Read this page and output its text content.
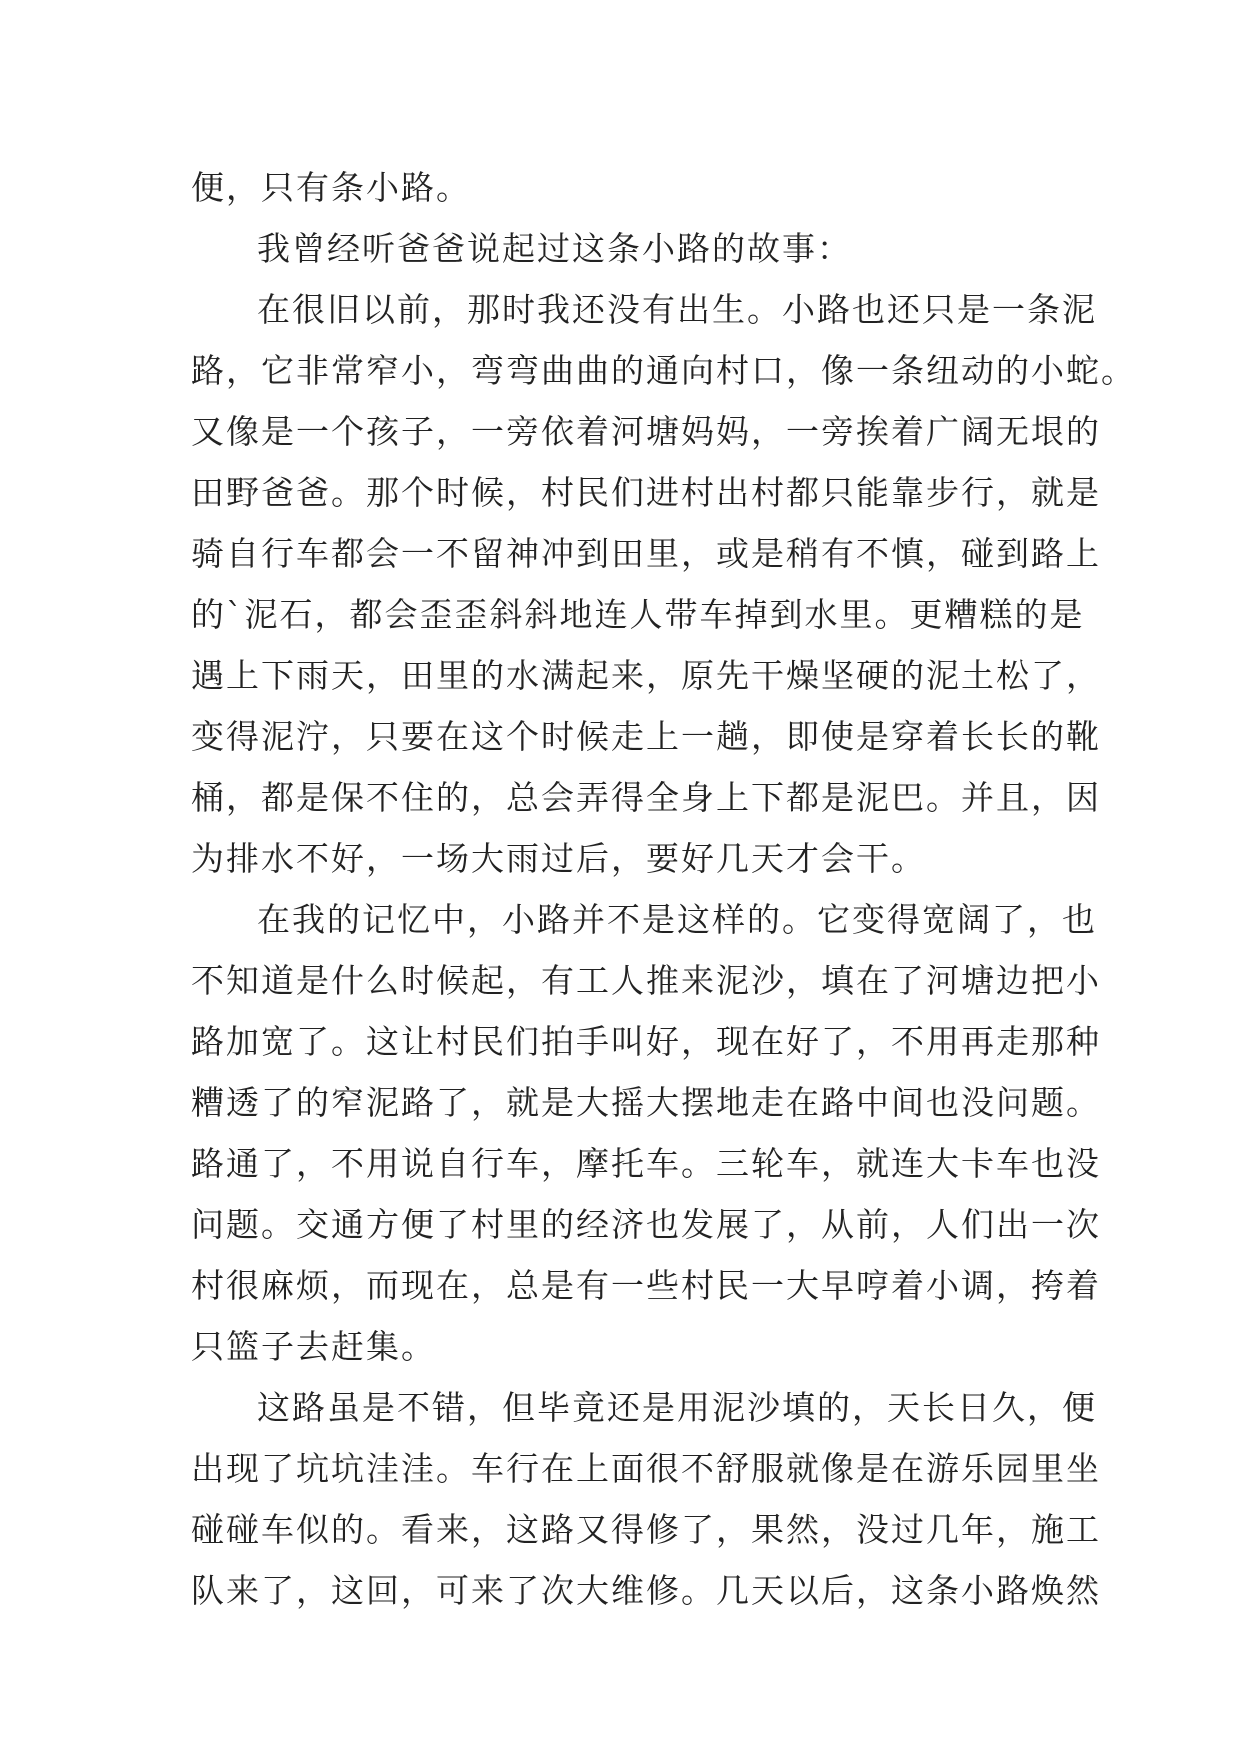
便，只有条小路。
我曾经听爸爸说起过这条小路的故事：
在很旧以前，那时我还没有出生。小路也还只是一条泥
路，它非常窄小，弯弯曲曲的通向村口，像一条纽动的小蛇。
又像是一个孩子，一旁依着河塘妈妈，一旁挨着广阔无垠的
田野爸爸。那个时候，村民们进村出村都只能靠步行，就是
骑自行车都会一不留神冲到田里，或是稍有不慎，碰到路上
的`泥石，都会歪歪斜斜地连人带车掉到水里。更糟糕的是
遇上下雨天，田里的水满起来，原先干燥坚硬的泥土松了，
变得泥泞，只要在这个时候走上一趟，即使是穿着长长的靴
桶，都是保不住的，总会弄得全身上下都是泥巴。并且，因
为排水不好，一场大雨过后，要好几天才会干。
在我的记忆中，小路并不是这样的。它变得宽阔了，也
不知道是什么时候起，有工人推来泥沙，填在了河塘边把小
路加宽了。这让村民们拍手叫好，现在好了，不用再走那种
糟透了的窄泥路了，就是大摇大摆地走在路中间也没问题。
路通了，不用说自行车，摩托车。三轮车，就连大卡车也没
问题。交通方便了村里的经济也发展了，从前，人们出一次
村很麻烦，而现在，总是有一些村民一大早哼着小调，挎着
只篮子去赶集。
这路虽是不错，但毕竟还是用泥沙填的，天长日久，便
出现了坑坑洼洼。车行在上面很不舒服就像是在游乐园里坐
碰碰车似的。看来，这路又得修了，果然，没过几年，施工
队来了，这回，可来了次大维修。几天以后，这条小路焕然
